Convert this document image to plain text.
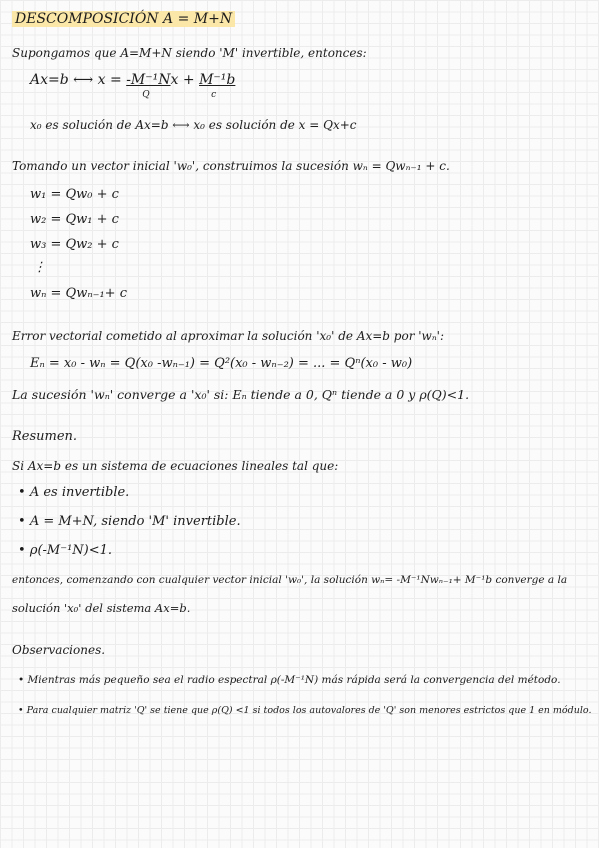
DESCOMPOSICIÓN A = M+N
Supongamos que A=M+N siendo 'M' invertible, entonces:
Ax=b ⟷ x = -M⁻¹N
Q
x + M⁻¹b
c
x₀ es solución de Ax=b ⟷ x₀ es solución de x = Qx+c
Tomando un vector inicial 'w₀', construimos la sucesión wₙ = Qwₙ₋₁ + c.
w₁ = Qw₀ + c
w₂ = Qw₁ + c
w₃ = Qw₂ + c
⋮
wₙ = Qwₙ₋₁+ c
Error vectorial cometido al aproximar la solución 'x₀' de Ax=b por 'wₙ':
Eₙ = x₀ - wₙ = Q(x₀ -wₙ₋₁) = Q²(x₀ - wₙ₋₂) = ... = Qⁿ(x₀ - w₀)
La sucesión 'wₙ' converge a 'x₀' si: Eₙ tiende a 0, Qⁿ tiende a 0 y ρ(Q)<1.
Resumen.
Si Ax=b es un sistema de ecuaciones lineales tal que:
• A es invertible.
• A = M+N, siendo 'M' invertible.
• ρ(-M⁻¹N)<1.
entonces, comenzando con cualquier vector inicial 'w₀', la solución wₙ= -M⁻¹Nwₙ₋₁+ M⁻¹b converge a la
solución 'x₀' del sistema Ax=b.
Observaciones.
• Mientras más pequeño sea el radio espectral ρ(-M⁻¹N) más rápida será la convergencia del método.
• Para cualquier matriz 'Q' se tiene que ρ(Q) <1 si todos los autovalores de 'Q' son menores estrictos que 1 en módulo.
